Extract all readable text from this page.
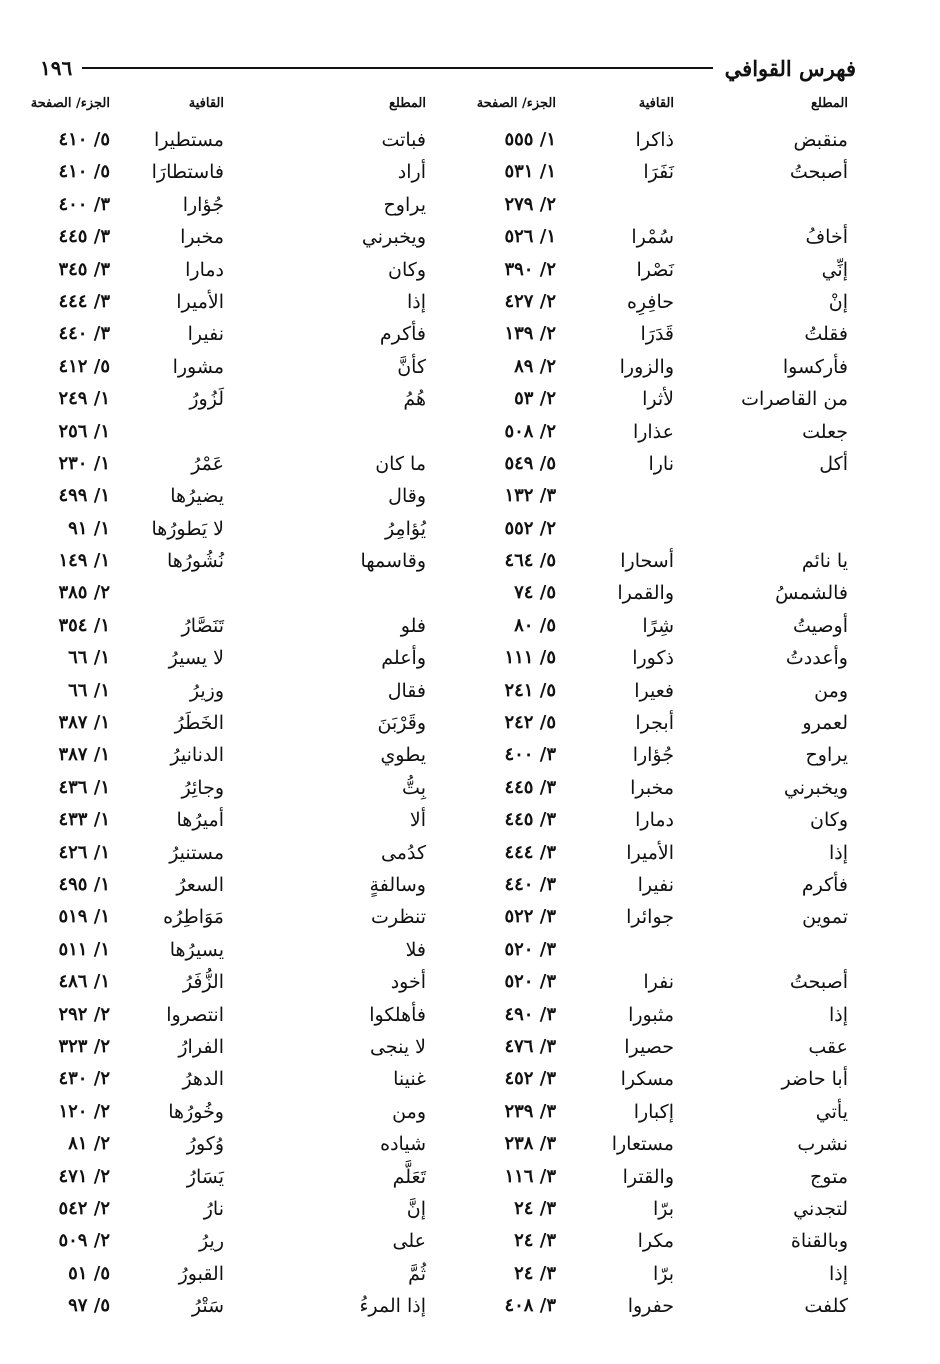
فهرس القوافي
١٩٦
المطلع
القافية
الجزء/ الصفحة
المطلع
القافية
الجزء/ الصفحة
منقبض
ذاكرا
١/ ٥٥٥
فباتت
مستطيرا
٥/ ٤١٠
أصبحتُ
نَفَرَا
١/ ٥٣١
أراد
فاستطارَا
٥/ ٤١٠
٢/ ٢٧٩
يراوح
جُؤارا
٣/ ٤٠٠
أخافُ
سُمْرا
١/ ٥٢٦
ويخبرني
مخبرا
٣/ ٤٤٥
إنِّي
نَصْرا
٢/ ٣٩٠
وكان
دمارا
٣/ ٣٤٥
إنْ
حافِرِه
٢/ ٤٢٧
إذا
الأميرا
٣/ ٤٤٤
فقلتُ
قَدَرَا
٢/ ١٣٩
فأكرم
نفيرا
٣/ ٤٤٠
فأركسوا
والزورا
٢/ ٨٩
كأنَّ
مشورا
٥/ ٤١٢
من القاصرات
لأثرا
٢/ ٥٣
هُمُ
لَزُورُ
١/ ٢٤٩
جعلت
عذارا
٢/ ٥٠٨
١/ ٢٥٦
أكل
نارا
٥/ ٥٤٩
ما كان
عَمْرُ
١/ ٢٣٠
٣/ ١٣٢
وقال
يضيرُها
١/ ٤٩٩
٢/ ٥٥٢
يُؤامِرُ
لا يَطورُها
١/ ٩١
يا نائم
أسحارا
٥/ ٤٦٤
وقاسمها
نُشُورُها
١/ ١٤٩
فالشمسُ
والقمرا
٥/ ٧٤
٢/ ٣٨٥
أوصيتُ
شِرًا
٥/ ٨٠
فلو
تَنَصَّارُ
١/ ٣٥٤
وأعددتُ
ذكورا
٥/ ١١١
وأعلم
لا يسيرُ
١/ ٦٦
ومن
فعيرا
٥/ ٢٤١
فقال
وزيرُ
١/ ٦٦
لعمرو
أبجرا
٥/ ٢٤٢
وقَرْبَنَ
الخَطَرُ
١/ ٣٨٧
يراوح
جُؤارا
٣/ ٤٠٠
يطوي
الدنانيرُ
١/ ٣٨٧
ويخبرني
مخبرا
٣/ ٤٤٥
بِتُّ
وجائِرُ
١/ ٤٣٦
وكان
دمارا
٣/ ٤٤٥
ألا
أميرُها
١/ ٤٣٣
إذا
الأميرا
٣/ ٤٤٤
كدُمى
مستنيرُ
١/ ٤٢٦
فأكرم
نفيرا
٣/ ٤٤٠
وسالفةٍ
السعرُ
١/ ٤٩٥
تموين
جوائرا
٣/ ٥٢٢
تنظرت
مَوَاطِرُه
١/ ٥١٩
٣/ ٥٢٠
فلا
يسيرُها
١/ ٥١١
أصبحتُ
نفرا
٣/ ٥٢٠
أخود
الزُّفَرُ
١/ ٤٨٦
إذا
مثبورا
٣/ ٤٩٠
فأهلكوا
انتصروا
٢/ ٢٩٢
عقب
حصيرا
٣/ ٤٧٦
لا ينجى
الفرارُ
٢/ ٣٢٣
أبا حاضر
مسكرا
٣/ ٤٥٢
غنينا
الدهرُ
٢/ ٤٣٠
يأتي
إكبارا
٣/ ٢٣٩
ومن
وخُورُها
٢/ ١٢٠
نشرب
مستعارا
٣/ ٢٣٨
شياده
وُكورُ
٢/ ٨١
متوج
والقترا
٣/ ١١٦
تَعَلَّم
يَسَارُ
٢/ ٤٧١
لتجدني
برّا
٣/ ٢٤
إنَّ
نارُ
٢/ ٥٤٢
وبالقناة
مكرا
٣/ ٢٤
على
ريرُ
٢/ ٥٠٩
إذا
برّا
٣/ ٢٤
ثُمَّ
القبورُ
٥/ ٥١
كلفت
حفروا
٣/ ٤٠٨
إذا المرءُ
سَتْرُ
٥/ ٩٧
